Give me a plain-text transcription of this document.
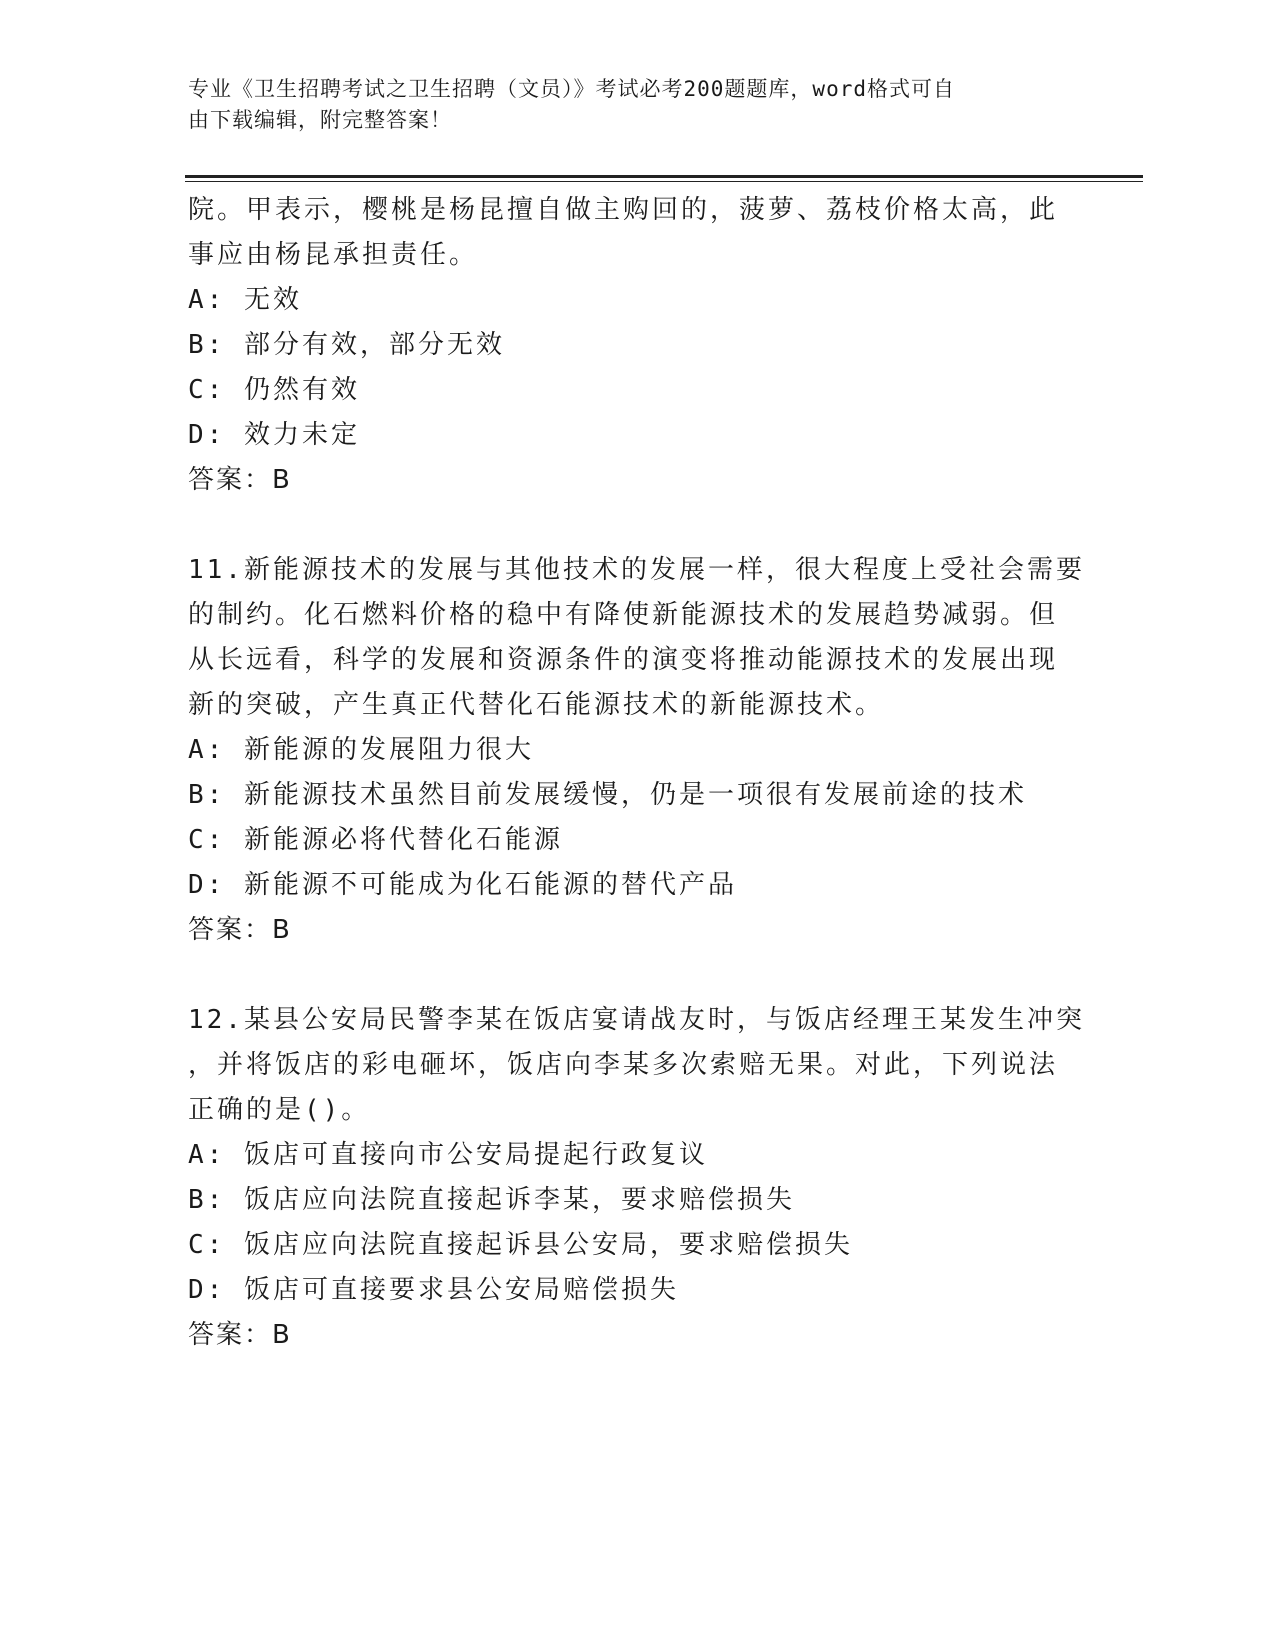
专业《卫生招聘考试之卫生招聘（文员）》考试必考200题题库，word格式可自
由下载编辑，附完整答案！
院。甲表示，樱桃是杨昆擅自做主购回的，菠萝、荔枝价格太高，此
事应由杨昆承担责任。
A: 无效
B: 部分有效，部分无效
C: 仍然有效
D: 效力未定
答案：B
11.新能源技术的发展与其他技术的发展一样，很大程度上受社会需要
的制约。化石燃料价格的稳中有降使新能源技术的发展趋势减弱。但
从长远看，科学的发展和资源条件的演变将推动能源技术的发展出现
新的突破，产生真正代替化石能源技术的新能源技术。
A: 新能源的发展阻力很大
B: 新能源技术虽然目前发展缓慢，仍是一项很有发展前途的技术
C: 新能源必将代替化石能源
D: 新能源不可能成为化石能源的替代产品
答案：B
12.某县公安局民警李某在饭店宴请战友时，与饭店经理王某发生冲突
，并将饭店的彩电砸坏，饭店向李某多次索赔无果。对此，下列说法
正确的是()。
A: 饭店可直接向市公安局提起行政复议
B: 饭店应向法院直接起诉李某，要求赔偿损失
C: 饭店应向法院直接起诉县公安局，要求赔偿损失
D: 饭店可直接要求县公安局赔偿损失
答案：B
